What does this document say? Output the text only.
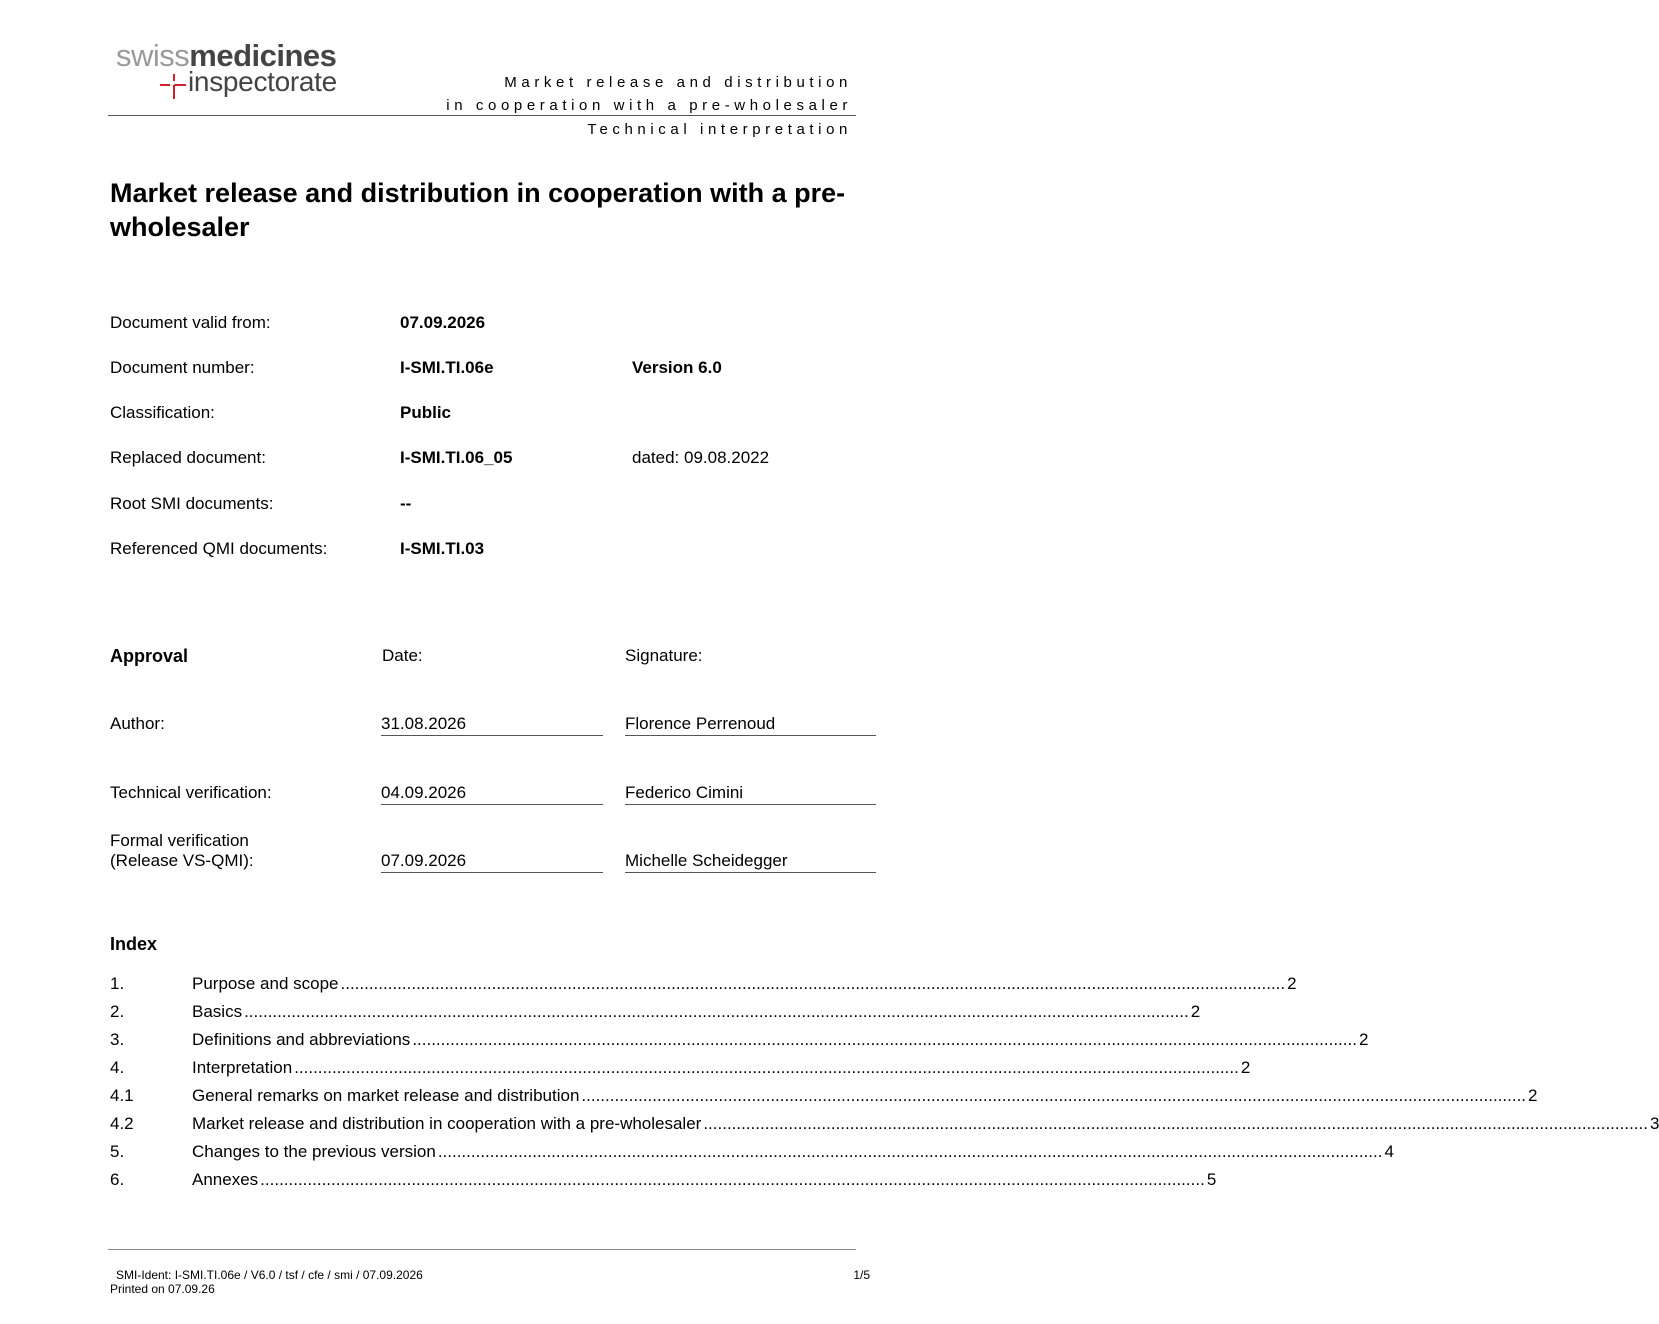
swissmedicines
inspectorate	Market release and distribution
in cooperation with a pre-wholesaler
Technical interpretation
Market release and distribution in cooperation with a pre-wholesaler
Document valid from:	07.09.2026
Document number:	I-SMI.TI.06e	Version 6.0
Classification:	Public
Replaced document:	I-SMI.TI.06_05	dated: 09.08.2022
Root SMI documents:	--
Referenced QMI documents:	I-SMI.TI.03
Approval	Date:	Signature:
Author:	31.08.2026	Florence Perrenoud
Technical verification:	04.09.2026	Federico Cimini
Formal verification
(Release VS-QMI):	07.09.2026	Michelle Scheidegger
Index
1.	Purpose and scope ........................................................................................................................................................................................................ 2
2.	Basics ........................................................................................................................................................................................................ 2
3.	Definitions and abbreviations ........................................................................................................................................................................................................ 2
4.	Interpretation ........................................................................................................................................................................................................ 2
4.1	General remarks on market release and distribution ........................................................................................................................................................................................................ 2
4.2	Market release and distribution in cooperation with a pre-wholesaler ........................................................................................................................................................................................................ 3
5.	Changes to the previous version ........................................................................................................................................................................................................ 4
6.	Annexes ........................................................................................................................................................................................................ 5
SMI-Ident: I-SMI.TI.06e / V6.0 / tsf / cfe / smi / 07.09.2026
Printed on 07.09.26
1/5
